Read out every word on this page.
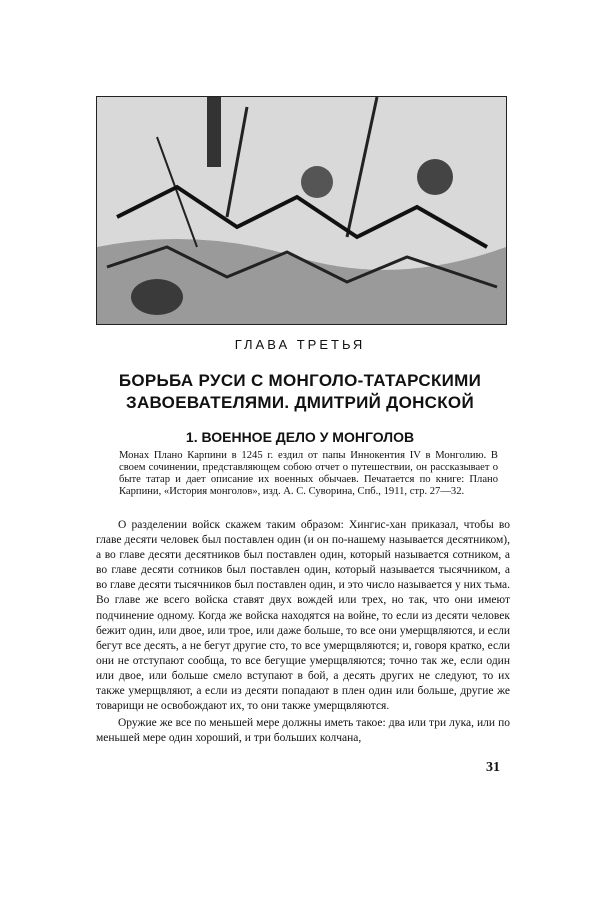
ГЛАВА ТРЕТЬЯ
БОРЬБА РУСИ С МОНГОЛО-ТАТАРСКИМИ ЗАВОЕВАТЕЛЯМИ. ДМИТРИЙ ДОНСКОЙ
1. ВОЕННОЕ ДЕЛО У МОНГОЛОВ
Монах Плано Карпини в 1245 г. ездил от папы Иннокентия IV в Монголию. В своем сочинении, представляющем собою отчет о путешествии, он рассказывает о быте татар и дает описание их военных обычаев. Печатается по книге: Плано Карпини, «История монголов», изд. А. С. Суворина, Спб., 1911, стр. 27—32.

О разделении войск скажем таким образом: Хингис-хан приказал, чтобы во главе десяти человек был поставлен один (и он по-нашему называется десятником), а во главе десяти десятников был поставлен один, который называется сотником, а во главе десяти сотников был поставлен один, который называется тысячником, а во главе десяти тысячников был поставлен один, и это число называется у них тьма. Во главе же всего войска ставят двух вождей или трех, но так, что они имеют подчинение одному. Когда же войска находятся на войне, то если из десяти человек бежит один, или двое, или трое, или даже больше, то все они умерщвляются, и если бегут все десять, а не бегут другие сто, то все умерщвляются; и, говоря кратко, если они не отступают сообща, то все бегущие умерщвляются; точно так же, если один или двое, или больше смело вступают в бой, а десять других не следуют, то их также умерщвляют, а если из десяти попадают в плен один или больше, другие же товарищи не освобождают их, то они также умерщвляются.

Оружие же все по меньшей мере должны иметь такое: два или три лука, или по меньшей мере один хороший, и три больших колчана,

31
